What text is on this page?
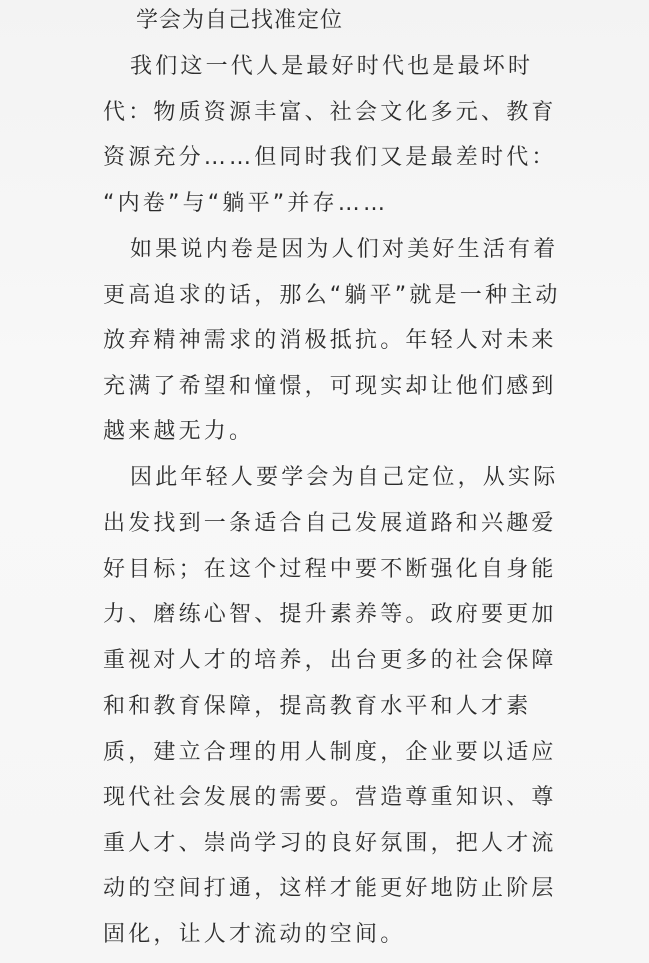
学会为自己找准定位
我们这一代人是最好时代也是最坏时
代：物质资源丰富、社会文化多元、教育
资源充分……但同时我们又是最差时代：
“内卷”与“躺平”并存……
如果说内卷是因为人们对美好生活有着
更高追求的话，那么“躺平”就是一种主动
放弃精神需求的消极抵抗。年轻人对未来
充满了希望和憧憬，可现实却让他们感到
越来越无力。
因此年轻人要学会为自己定位，从实际
出发找到一条适合自己发展道路和兴趣爱
好目标；在这个过程中要不断强化自身能
力、磨练心智、提升素养等。政府要更加
重视对人才的培养，出台更多的社会保障
和和教育保障，提高教育水平和人才素
质，建立合理的用人制度，企业要以适应
现代社会发展的需要。营造尊重知识、尊
重人才、崇尚学习的良好氛围，把人才流
动的空间打通，这样才能更好地防止阶层
固化，让人才流动的空间。
